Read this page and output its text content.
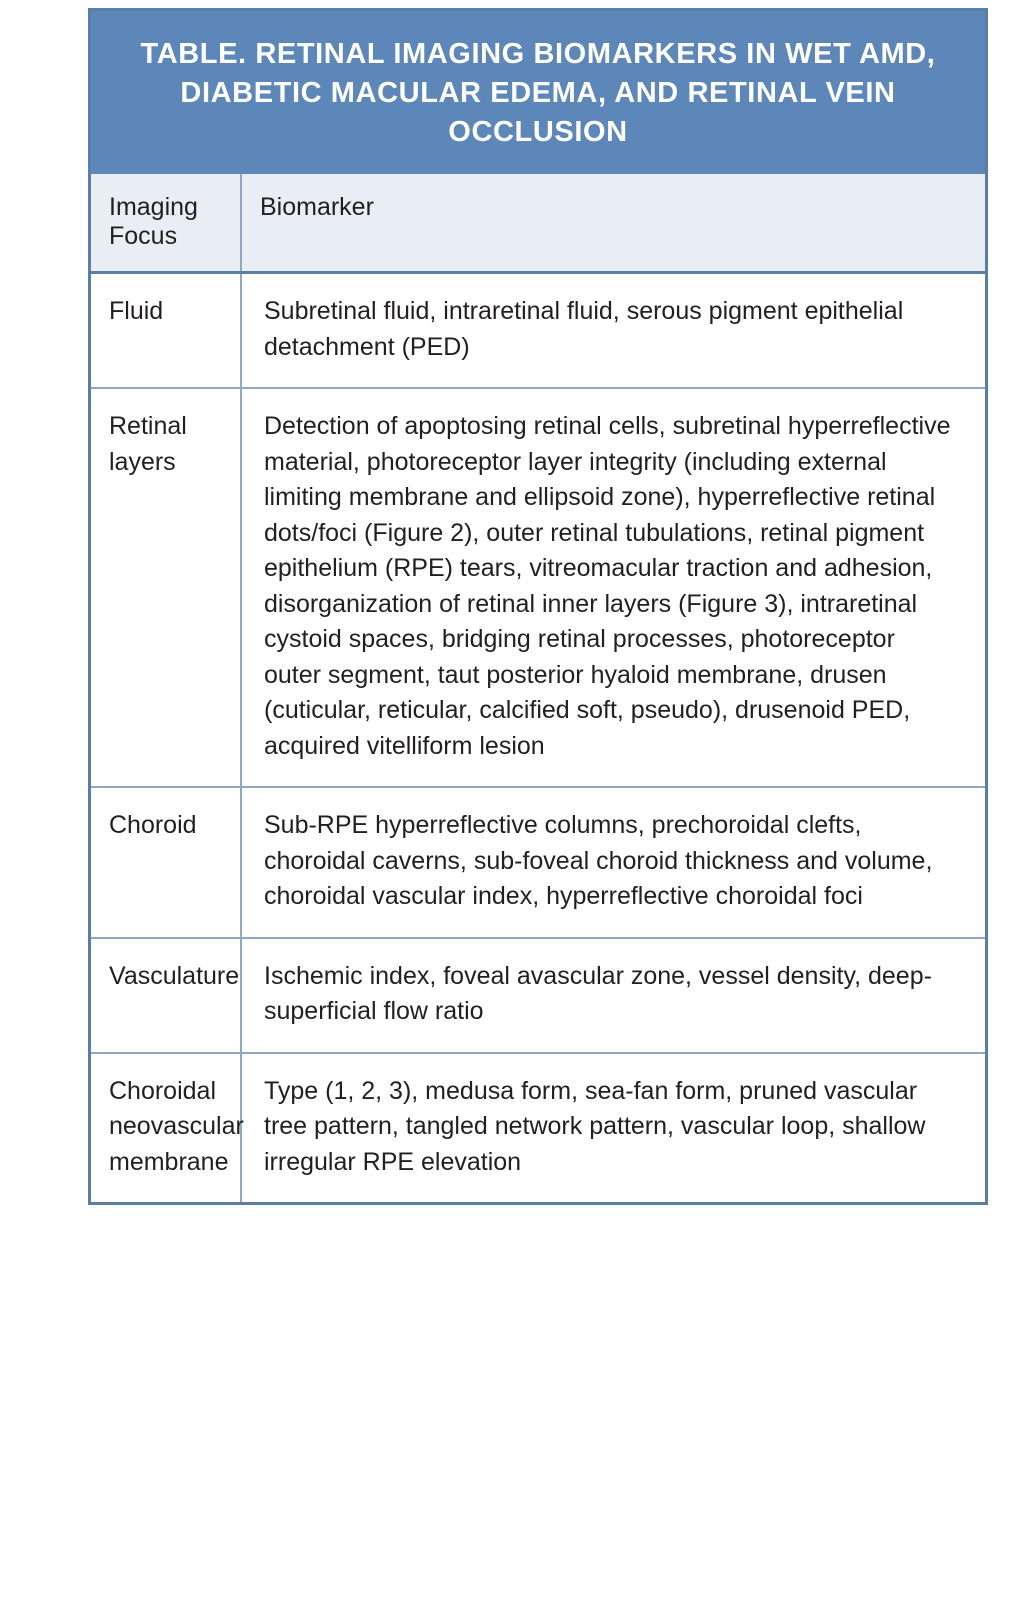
TABLE. RETINAL IMAGING BIOMARKERS IN WET AMD, DIABETIC MACULAR EDEMA, AND RETINAL VEIN OCCLUSION
Imaging Focus	Biomarker
Fluid	Subretinal fluid, intraretinal fluid, serous pigment epithelial detachment (PED)
Retinal layers	Detection of apoptosing retinal cells, subretinal hyperreflective material, photoreceptor layer integrity (including external limiting membrane and ellipsoid zone), hyperreflective retinal dots/foci (Figure 2), outer retinal tubulations, retinal pigment epithelium (RPE) tears, vitreomacular traction and adhesion, disorganization of retinal inner layers (Figure 3), intraretinal cystoid spaces, bridging retinal processes, photoreceptor outer segment, taut posterior hyaloid membrane, drusen (cuticular, reticular, calcified soft, pseudo), drusenoid PED, acquired vitelliform lesion
Choroid	Sub-RPE hyperreflective columns, prechoroidal clefts, choroidal caverns, sub-foveal choroid thickness and volume, choroidal vascular index, hyperreflective choroidal foci
Vasculature	Ischemic index, foveal avascular zone, vessel density, deep-superficial flow ratio
Choroidal neovascular membrane	Type (1, 2, 3), medusa form, sea-fan form, pruned vascular tree pattern, tangled network pattern, vascular loop, shallow irregular RPE elevation
